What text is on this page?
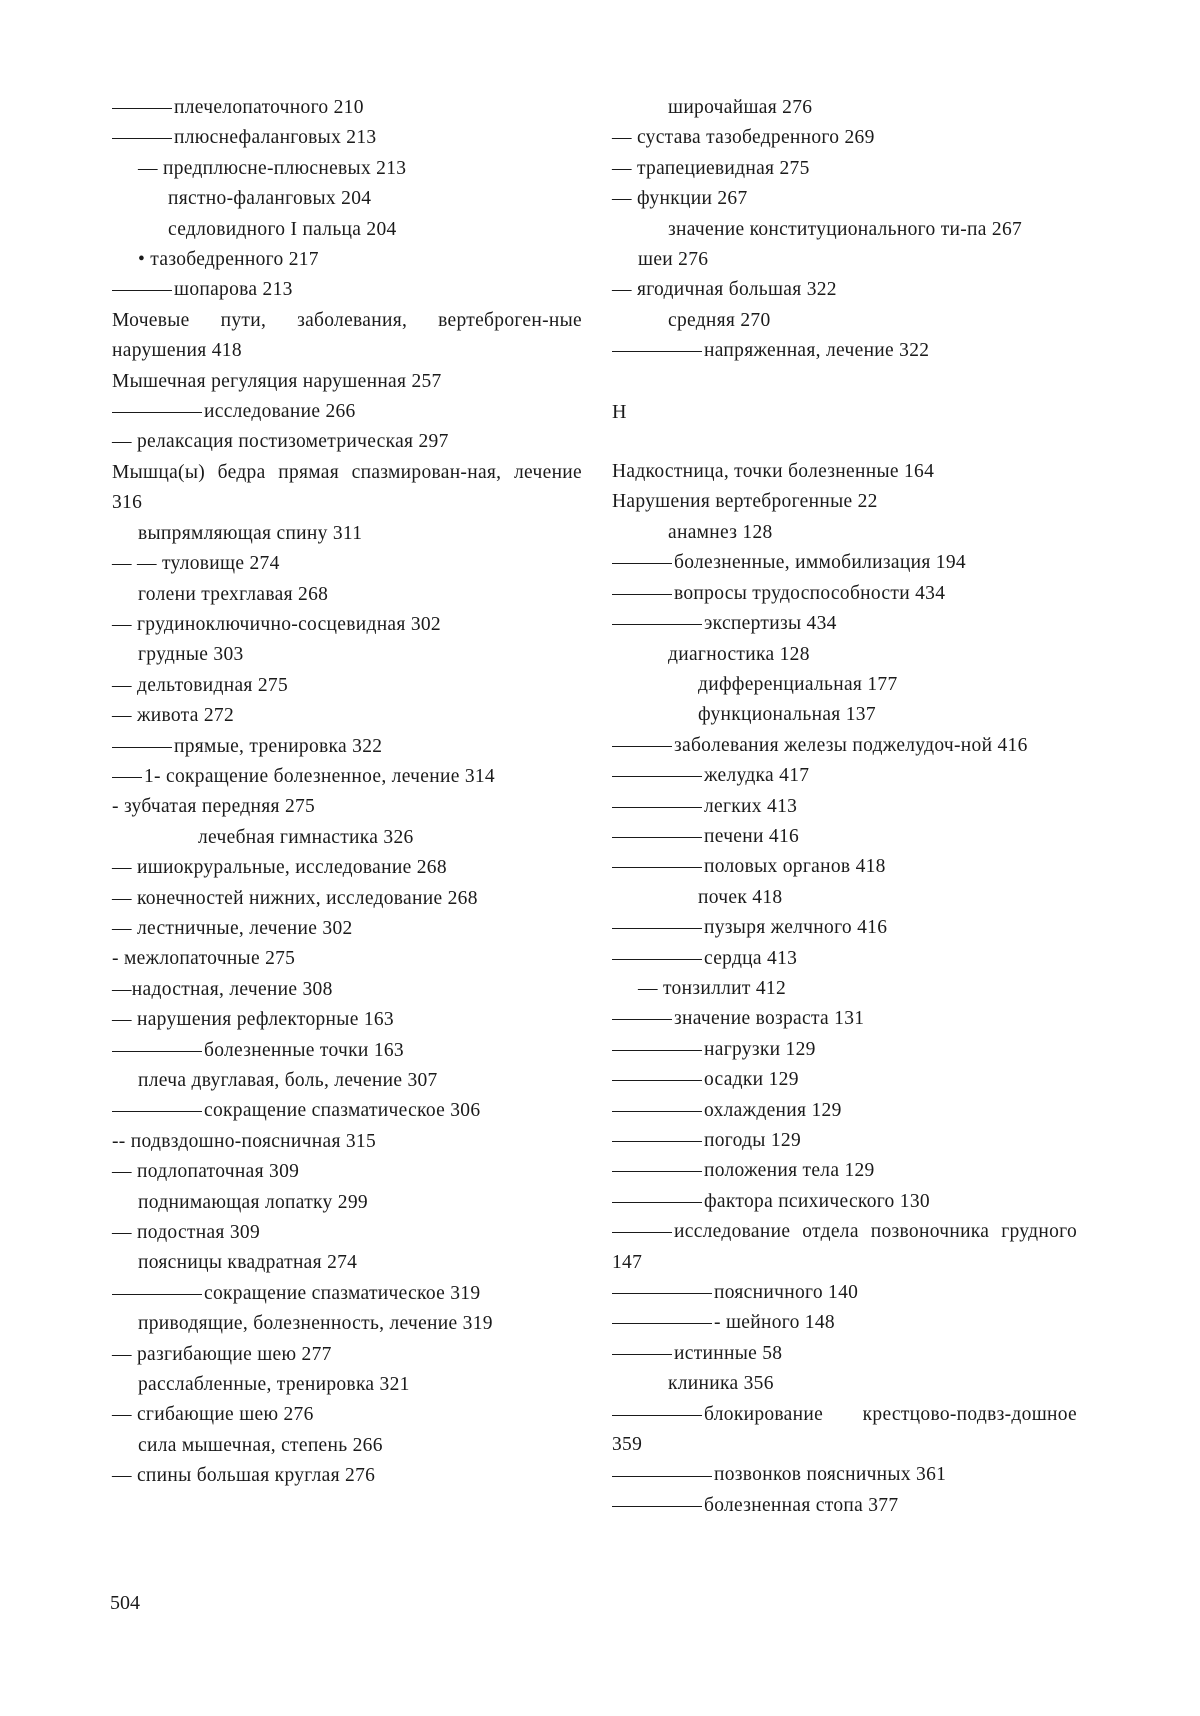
плечелопаточного 210
плюснефаланговых 213
— предплюсне-плюсневых 213
пястно-фаланговых 204
седловидного I пальца 204
• тазобедренного 217
шопарова 213
Мочевые пути, заболевания, вертеброген-ные нарушения 418
Мышечная регуляция нарушенная 257
исследование 266
— релаксация постизометрическая 297
Мышца(ы) бедра прямая спазмирован-ная, лечение 316
выпрямляющая спину 311
— — туловище 274
голени трехглавая 268
— грудиноключично-сосцевидная 302
грудные 303
— дельтовидная 275
— живота 272
прямые, тренировка 322
1- сокращение болезненное, лечение 314
- зубчатая передняя 275
лечебная гимнастика 326
— ишиокруральные, исследование 268
— конечностей нижних, исследование 268
— лестничные, лечение 302
- межлопаточные 275
—надостная, лечение 308
— нарушения рефлекторные 163
болезненные точки 163
плеча двуглавая, боль, лечение 307
сокращение спазматическое 306
-- подвздошно-поясничная 315
— подлопаточная 309
поднимающая лопатку 299
— подостная 309
поясницы квадратная 274
сокращение спазматическое 319
приводящие, болезненность, лечение 319
— разгибающие шею 277
расслабленные, тренировка 321
— сгибающие шею 276
сила мышечная, степень 266
— спины большая круглая 276
широчайшая 276
— сустава тазобедренного 269
— трапециевидная 275
— функции 267
значение конституционального ти-па 267
шеи 276
— ягодичная большая 322
средняя 270
напряженная, лечение 322
Н
Надкостница, точки болезненные 164
Нарушения вертеброгенные 22
анамнез 128
болезненные, иммобилизация 194
вопросы трудоспособности 434
экспертизы 434
диагностика 128
дифференциальная 177
функциональная 137
заболевания железы поджелудоч-ной 416
желудка 417
легких 413
печени 416
половых органов 418
почек 418
пузыря желчного 416
сердца 413
— тонзиллит 412
значение возраста 131
нагрузки 129
осадки 129
охлаждения 129
погоды 129
положения тела 129
фактора психического 130
исследование отдела позвоночника грудного 147
поясничного 140
- шейного 148
истинные 58
клиника 356
блокирование крестцово-подвз-дошное 359
позвонков поясничных 361
болезненная стопа 377
504
